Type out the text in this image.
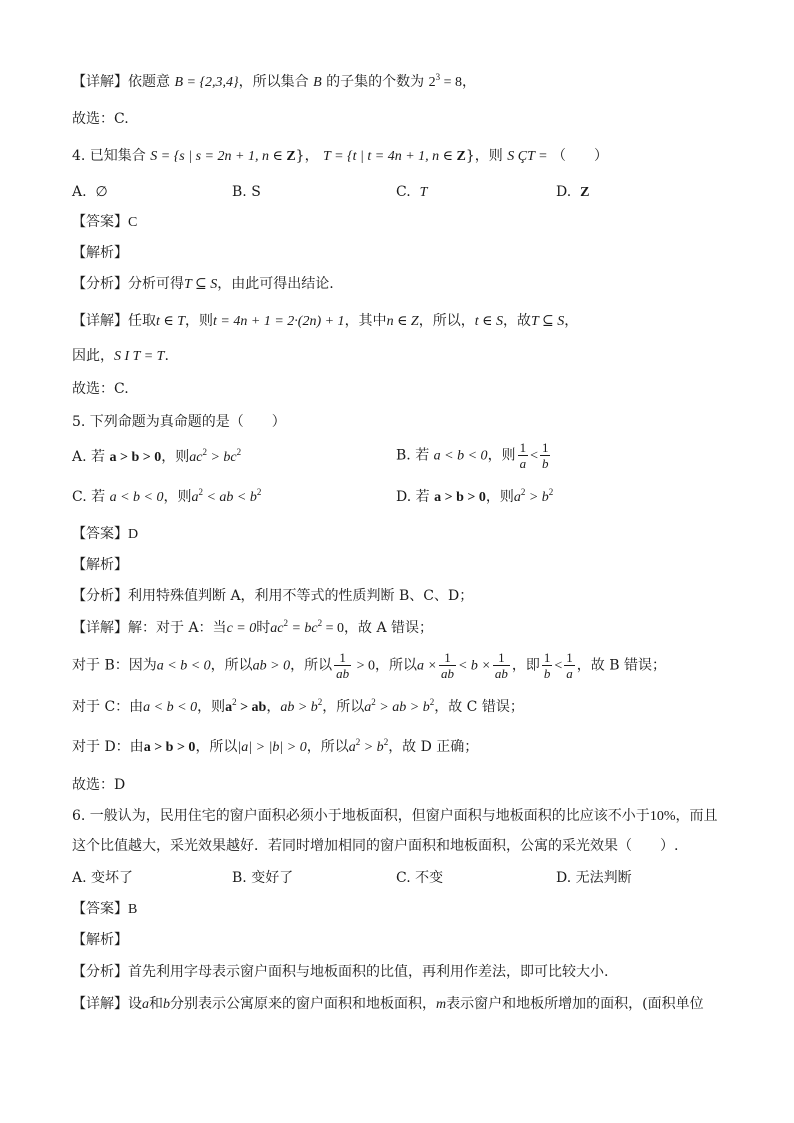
【详解】依题意 B = {2,3,4}，所以集合 B 的子集的个数为 $2^3 = 8$，
故选：C.
4. 已知集合 S = {s | s = 2n + 1, n ∈ Z}， T = {t | t = 4n + 1, n ∈ Z}，则 S ÇT = （　　）
A. ∅	B. S	C. T	D. Z
【答案】C
【解析】
【分析】分析可得T ⊆ S，由此可得出结论.
【详解】任取t ∈ T，则t = 4n + 1 = 2·(2n) + 1，其中n ∈ Z，所以，t ∈ S，故T ⊆ S，
因此，S I T = T.
故选：C.
5. 下列命题为真命题的是（　　）
A. 若 a > b > 0，则$ac^2 > bc^2$	B. 若 a < b < 0，则 $\frac{1}{a} < \frac{1}{b}$
C. 若 a < b < 0，则$a^2$ < ab < $b^2$	D. 若 a > b > 0，则$a^2 > b^2$
【答案】D
【解析】
【分析】利用特殊值判断 A，利用不等式的性质判断 B、C、D；
【详解】解：对于 A：当c = 0时$ac^2 = bc^2 = 0$，故 A 错误；
对于 B：因为a < b < 0，所以ab > 0，所以 $\frac{1}{ab} > 0$，所以$a \times \frac{1}{ab} < b \times \frac{1}{ab}$ ，即 $\frac{1}{b} < \frac{1}{a}$ ，故 B 错误；
对于 C：由a < b < 0，则$a^2$ > ab，ab > $b^2$，所以$a^2$ > ab > $b^2$，故 C 错误；
对于 D：由a > b > 0，所以|a| > |b| > 0，所以$a^2 > b^2$，故 D 正确；
故选：D
6. 一般认为，民用住宅的窗户面积必须小于地板面积，但窗户面积与地板面积的比应该不小于10%，而且
这个比值越大，采光效果越好．若同时增加相同的窗户面积和地板面积，公寓的采光效果（　　）.
A. 变坏了	B. 变好了	C. 不变	D. 无法判断
【答案】B
【解析】
【分析】首先利用字母表示窗户面积与地板面积的比值，再利用作差法，即可比较大小.
【详解】设a和b分别表示公寓原来的窗户面积和地板面积，m表示窗户和地板所增加的面积，(面积单位
